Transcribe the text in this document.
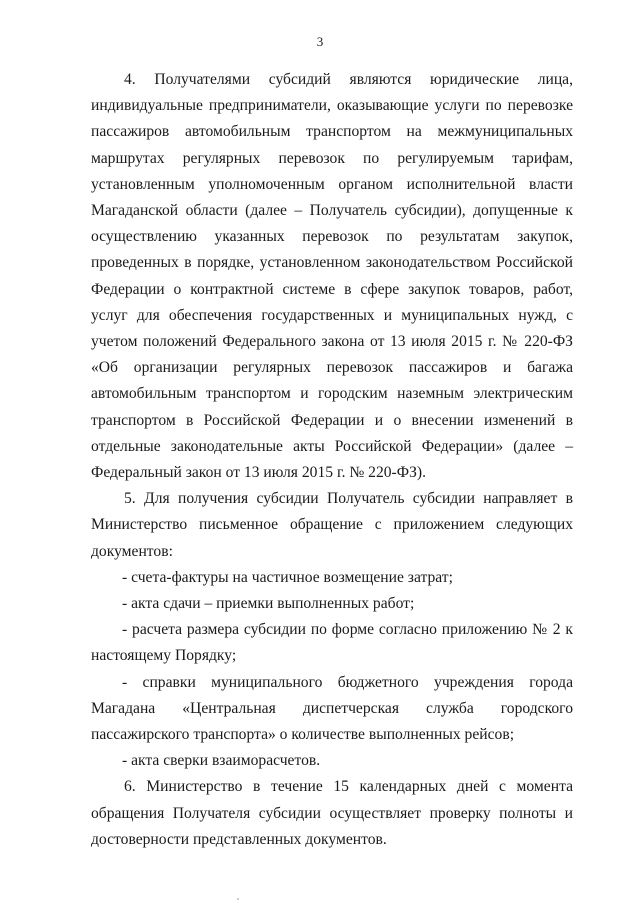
3

4. Получателями субсидий являются юридические лица, индивидуальные предприниматели, оказывающие услуги по перевозке пассажиров автомобильным транспортом на межмуниципальных маршрутах регулярных перевозок по регулируемым тарифам, установленным уполномоченным органом исполнительной власти Магаданской области (далее – Получатель субсидии), допущенные к осуществлению указанных перевозок по результатам закупок, проведенных в порядке, установленном законодательством Российской Федерации о контрактной системе в сфере закупок товаров, работ, услуг для обеспечения государственных и муниципальных нужд, с учетом положений Федерального закона от 13 июля 2015 г. № 220-ФЗ «Об организации регулярных перевозок пассажиров и багажа автомобильным транспортом и городским наземным электрическим транспортом в Российской Федерации и о внесении изменений в отдельные законодательные акты Российской Федерации» (далее – Федеральный закон от 13 июля 2015 г. № 220-ФЗ).

5. Для получения субсидии Получатель субсидии направляет в Министерство письменное обращение с приложением следующих документов:

- счета-фактуры на частичное возмещение затрат;

- акта сдачи – приемки выполненных работ;

- расчета размера субсидии по форме согласно приложению № 2 к настоящему Порядку;

- справки муниципального бюджетного учреждения города Магадана «Центральная диспетчерская служба городского пассажирского транспорта» о количестве выполненных рейсов;

- акта сверки взаиморасчетов.

6. Министерство в течение 15 календарных дней с момента обращения Получателя субсидии осуществляет проверку полноты и достоверности представленных документов.
